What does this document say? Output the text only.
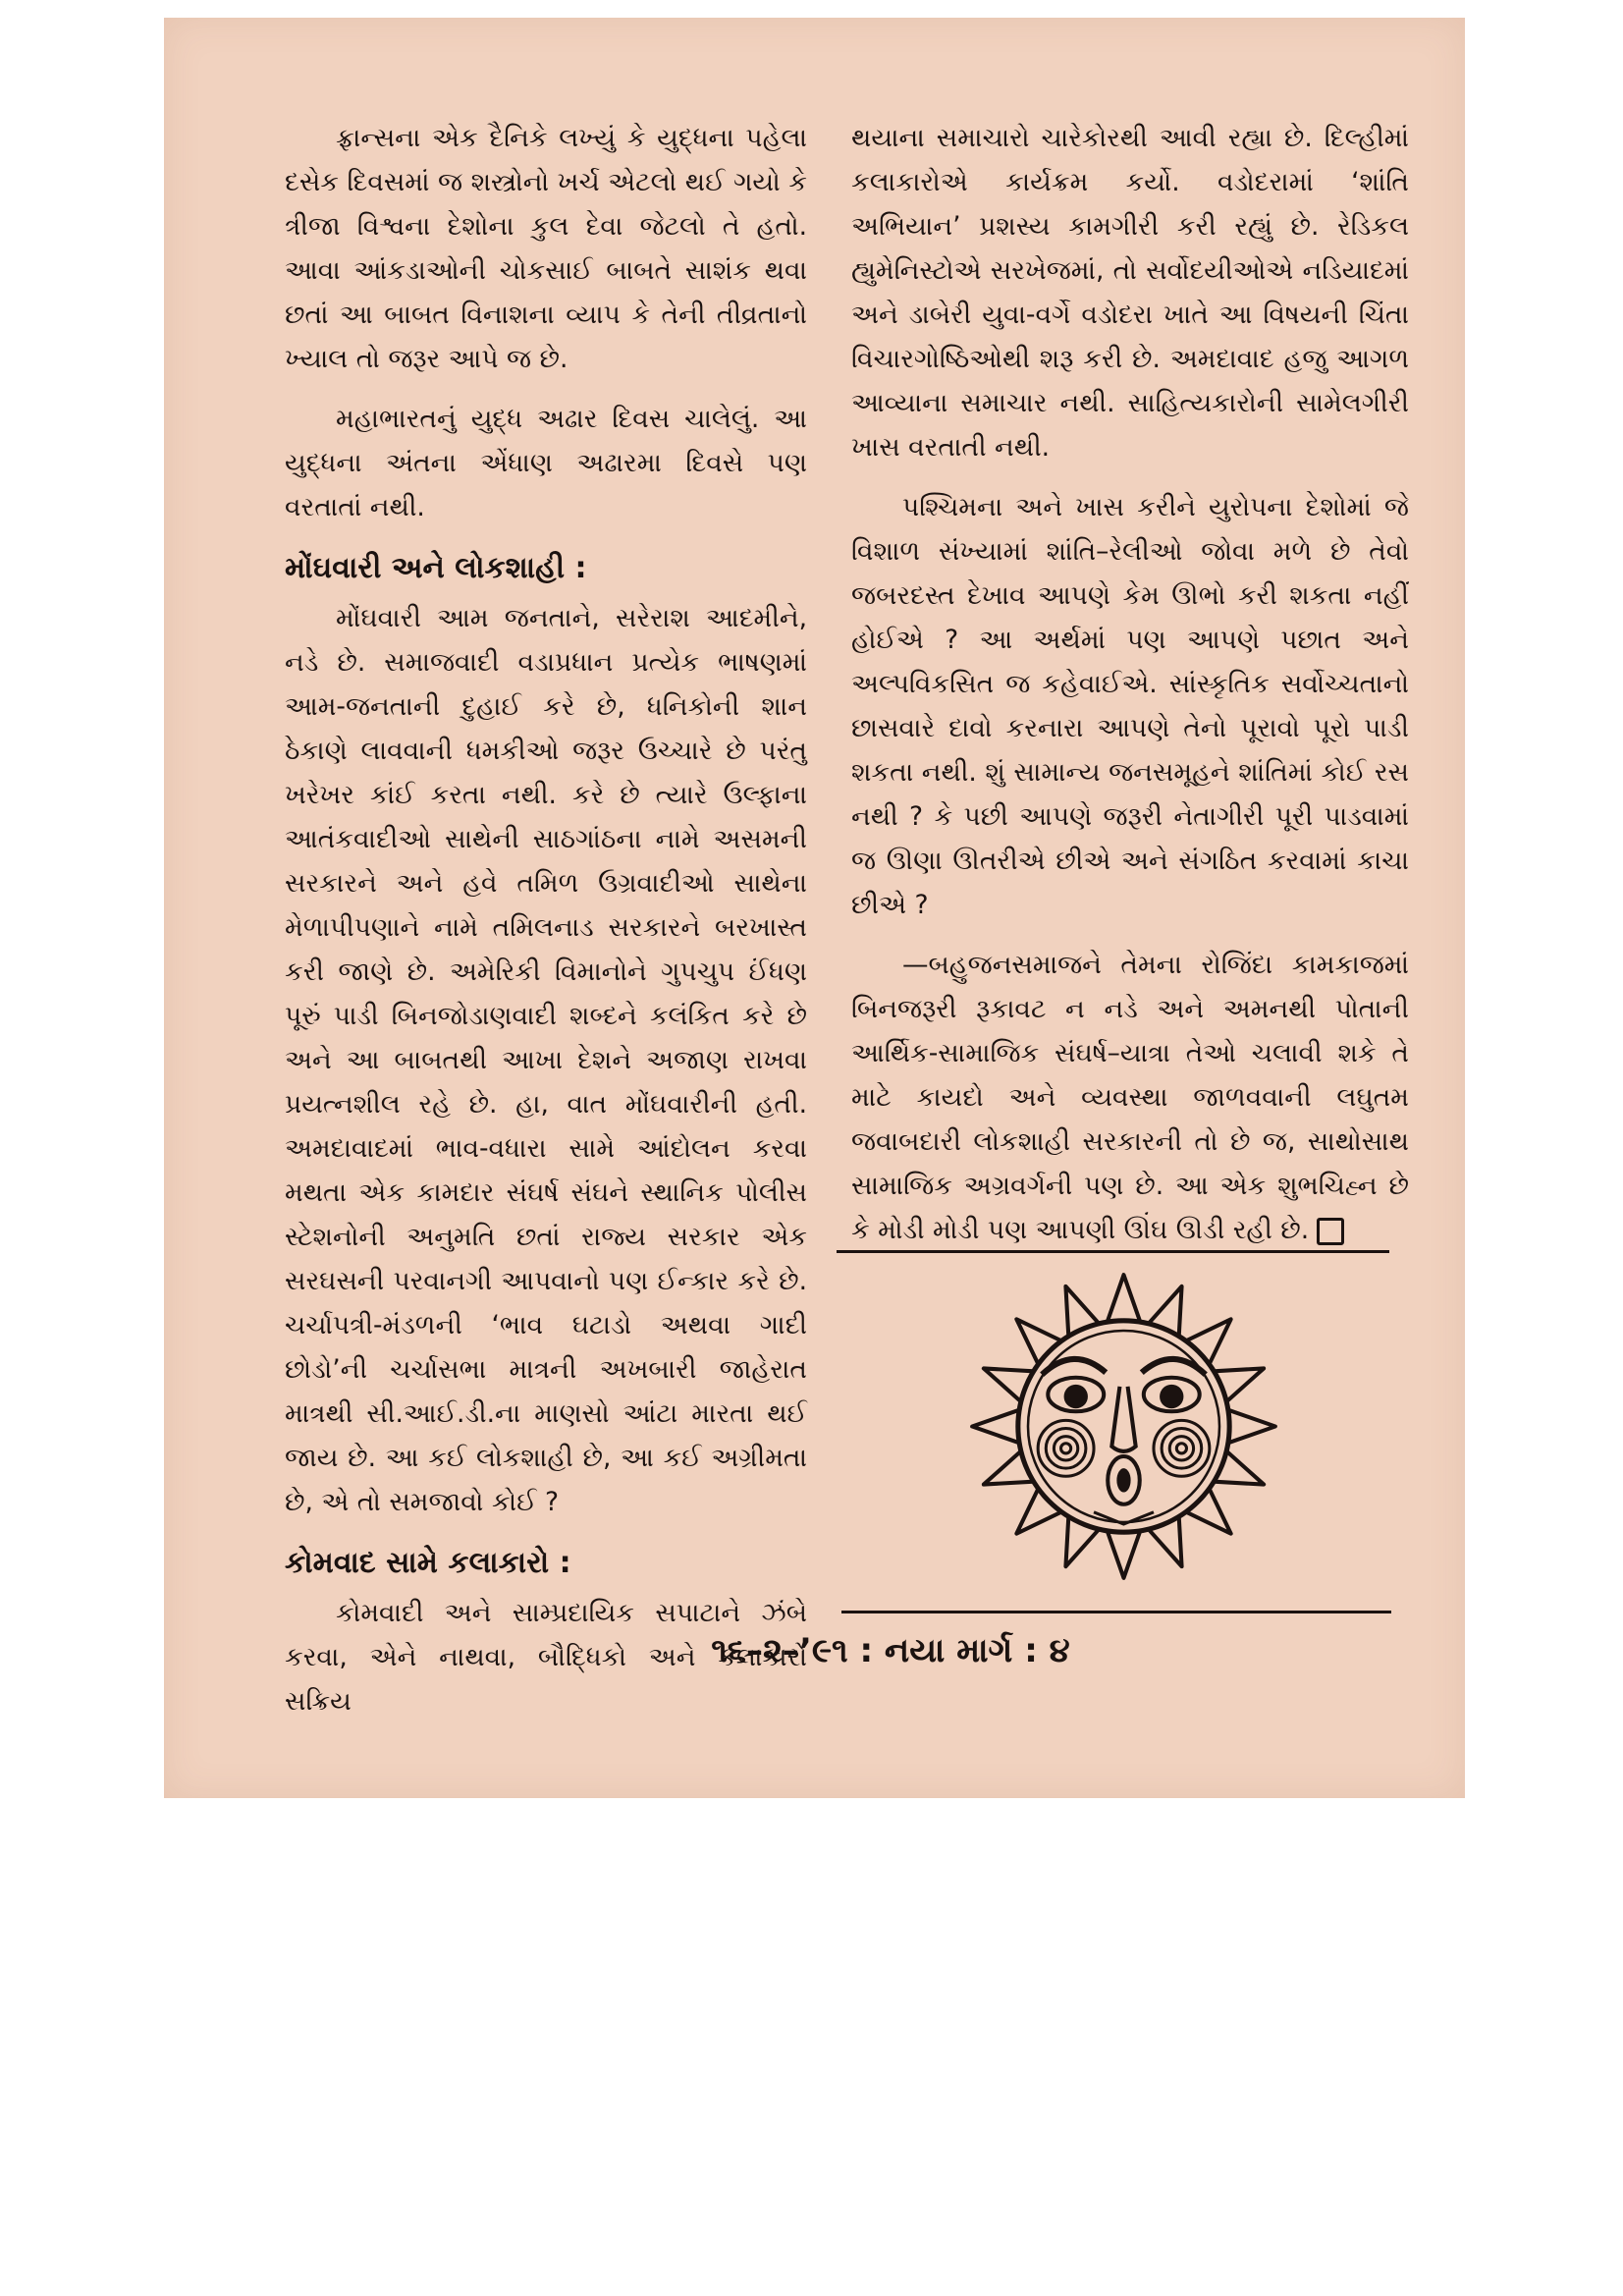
ફ્રાન્સના એક દૈનિકે લખ્યું કે યુદ્ધના પહેલા દસેક દિવસમાં જ શસ્ત્રોનો ખર્ચ એટલો થઈ ગયો કે ત્રીજા વિશ્વના દેશોના કુલ દેવા જેટલો તે હતો. આવા આંકડાઓની ચોકસાઈ બાબતે સાશંક થવા છતાં આ બાબત વિનાશના વ્યાપ કે તેની તીવ્રતાનો ખ્યાલ તો જરૂર આપે જ છે.

મહાભારતનું યુદ્ધ અઢાર દિવસ ચાલેલું. આ યુદ્ધના અંતના એંધાણ અઢારમા દિવસે પણ વરતાતાં નથી.

મોંઘવારી અને લોકશાહી :

મોંઘવારી આમ જનતાને, સરેરાશ આદમીને, નડે છે. સમાજવાદી વડાપ્રધાન પ્રત્યેક ભાષણમાં આમ-જનતાની દુહાઈ કરે છે, ધનિકોની શાન ઠેકાણે લાવવાની ધમકીઓ જરૂર ઉચ્ચારે છે પરંતુ ખરેખર કાંઈ કરતા નથી. કરે છે ત્યારે ઉલ્ફાના આતંકવાદીઓ સાથેની સાઠગાંઠના નામે અસમની સરકારને અને હવે તમિળ ઉગ્રવાદીઓ સાથેના મેળાપીપણાને નામે તમિલનાડ સરકારને બરખાસ્ત કરી જાણે છે. અમેરિકી વિમાનોને ગુપચુપ ઈંધણ પૂરું પાડી બિનજોડાણવાદી શબ્દને કલંકિત કરે છે અને આ બાબતથી આખા દેશને અજાણ રાખવા પ્રયત્નશીલ રહે છે. હા, વાત મોંઘવારીની હતી. અમદાવાદમાં ભાવ-વધારા સામે આંદોલન કરવા મથતા એક કામદાર સંઘર્ષ સંઘને સ્થાનિક પોલીસ સ્ટેશનોની અનુમતિ છતાં રાજ્ય સરકાર એક સરઘસની પરવાનગી આપવાનો પણ ઈન્કાર કરે છે. ચર્ચાપત્રી-મંડળની ‘ભાવ ઘટાડો અથવા ગાદી છોડો’ની ચર્ચાસભા માત્રની અખબારી જાહેરાત માત્રથી સી.આઈ.ડી.ના માણસો આંટા મારતા થઈ જાય છે. આ કઈ લોકશાહી છે, આ કઈ અગ્રીમતા છે, એ તો સમજાવો કોઈ ?

કોમવાદ સામે કલાકારો :

કોમવાદી અને સામ્પ્રદાયિક સપાટાને ઝંબે કરવા, એને નાથવા, બૌદ્ધિકો અને કલાકારો સક્રિય

થયાના સમાચારો ચારેકોરથી આવી રહ્યા છે. દિલ્હીમાં કલાકારોએ કાર્યક્રમ કર્યો. વડોદરામાં ‘શાંતિ અભિયાન’ પ્રશસ્ય કામગીરી કરી રહ્યું છે. રેડિકલ હ્યુમેનિસ્ટોએ સરખેજમાં, તો સર્વોદયીઓએ નડિયાદમાં અને ડાબેરી યુવા-વર્ગે વડોદરા ખાતે આ વિષયની ચિંતા વિચારગોષ્ઠિઓથી શરૂ કરી છે. અમદાવાદ હજુ આગળ આવ્યાના સમાચાર નથી. સાહિત્યકારોની સામેલગીરી ખાસ વરતાતી નથી.

પશ્ચિમના અને ખાસ કરીને યુરોપના દેશોમાં જે વિશાળ સંખ્યામાં શાંતિ–રેલીઓ જોવા મળે છે તેવો જબરદસ્ત દેખાવ આપણે કેમ ઊભો કરી શકતા નહીં હોઈએ ? આ અર્થમાં પણ આપણે પછાત અને અલ્પવિકસિત જ કહેવાઈએ. સાંસ્કૃતિક સર્વોચ્ચતાનો છાસવારે દાવો કરનારા આપણે તેનો પૂરાવો પૂરો પાડી શકતા નથી. શું સામાન્ય જનસમૂહને શાંતિમાં કોઈ રસ નથી ? કે પછી આપણે જરૂરી નેતાગીરી પૂરી પાડવામાં જ ઊણા ઊતરીએ છીએ અને સંગઠિત કરવામાં કાચા છીએ ?

—બહુજનસમાજને તેમના રોજિંદા કામકાજમાં બિનજરૂરી રૂકાવટ ન નડે અને અમનથી પોતાની આર્થિક-સામાજિક સંઘર્ષ–યાત્રા તેઓ ચલાવી શકે તે માટે કાયદો અને વ્યવસ્થા જાળવવાની લઘુતમ જવાબદારી લોકશાહી સરકારની તો છે જ, સાથોસાથ સામાજિક અગ્રવર્ગની પણ છે. આ એક શુભચિહ્ન છે કે મોડી મોડી પણ આપણી ઊંઘ ઊડી રહી છે.

૧૬–૨–’૯૧ : નયા માર્ગ : ૪
